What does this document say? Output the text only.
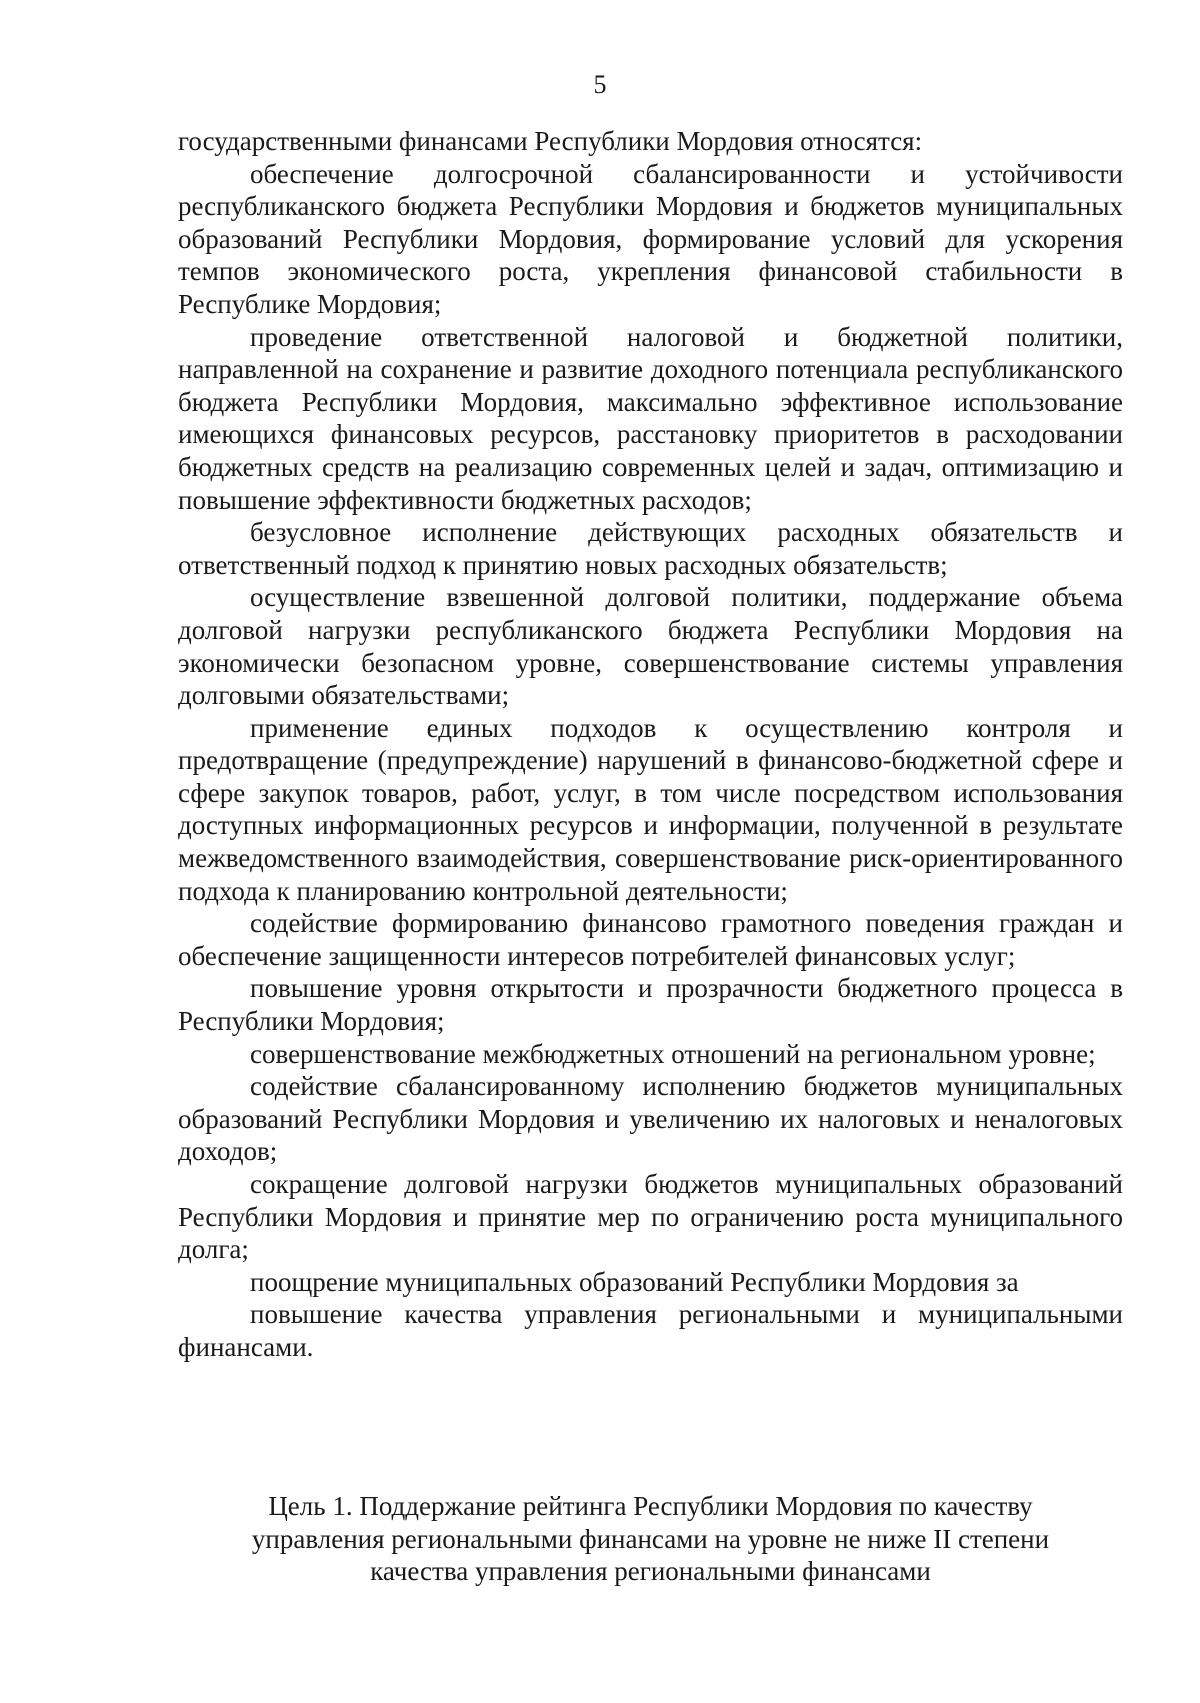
5

государственными финансами Республики Мордовия относятся:

обеспечение долгосрочной сбалансированности и устойчивости республиканского бюджета Республики Мордовия и бюджетов муниципальных образований Республики Мордовия, формирование условий для ускорения темпов экономического роста, укрепления финансовой стабильности в Республике Мордовия;

проведение ответственной налоговой и бюджетной политики, направленной на сохранение и развитие доходного потенциала республиканского бюджета Республики Мордовия, максимально эффективное использование имеющихся финансовых ресурсов, расстановку приоритетов в расходовании бюджетных средств на реализацию современных целей и задач, оптимизацию и повышение эффективности бюджетных расходов;

безусловное исполнение действующих расходных обязательств и ответственный подход к принятию новых расходных обязательств;

осуществление взвешенной долговой политики, поддержание объема долговой нагрузки республиканского бюджета Республики Мордовия на экономически безопасном уровне, совершенствование системы управления долговыми обязательствами;

применение единых подходов к осуществлению контроля и предотвращение (предупреждение) нарушений в финансово-бюджетной сфере и сфере закупок товаров, работ, услуг, в том числе посредством использования доступных информационных ресурсов и информации, полученной в результате межведомственного взаимодействия, совершенствование риск-ориентированного подхода к планированию контрольной деятельности;

содействие формированию финансово грамотного поведения граждан и обеспечение защищенности интересов потребителей финансовых услуг;

повышение уровня открытости и прозрачности бюджетного процесса в Республики Мордовия;

совершенствование межбюджетных отношений на региональном уровне;

содействие сбалансированному исполнению бюджетов муниципальных образований Республики Мордовия и увеличению их налоговых и неналоговых доходов;

сокращение долговой нагрузки бюджетов муниципальных образований Республики Мордовия и принятие мер по ограничению роста муниципального долга;

поощрение муниципальных образований Республики Мордовия за

повышение качества управления региональными и муниципальными финансами.

Цель 1. Поддержание рейтинга Республики Мордовия по качеству
управления региональными финансами на уровне не ниже II степени
качества управления региональными финансами
